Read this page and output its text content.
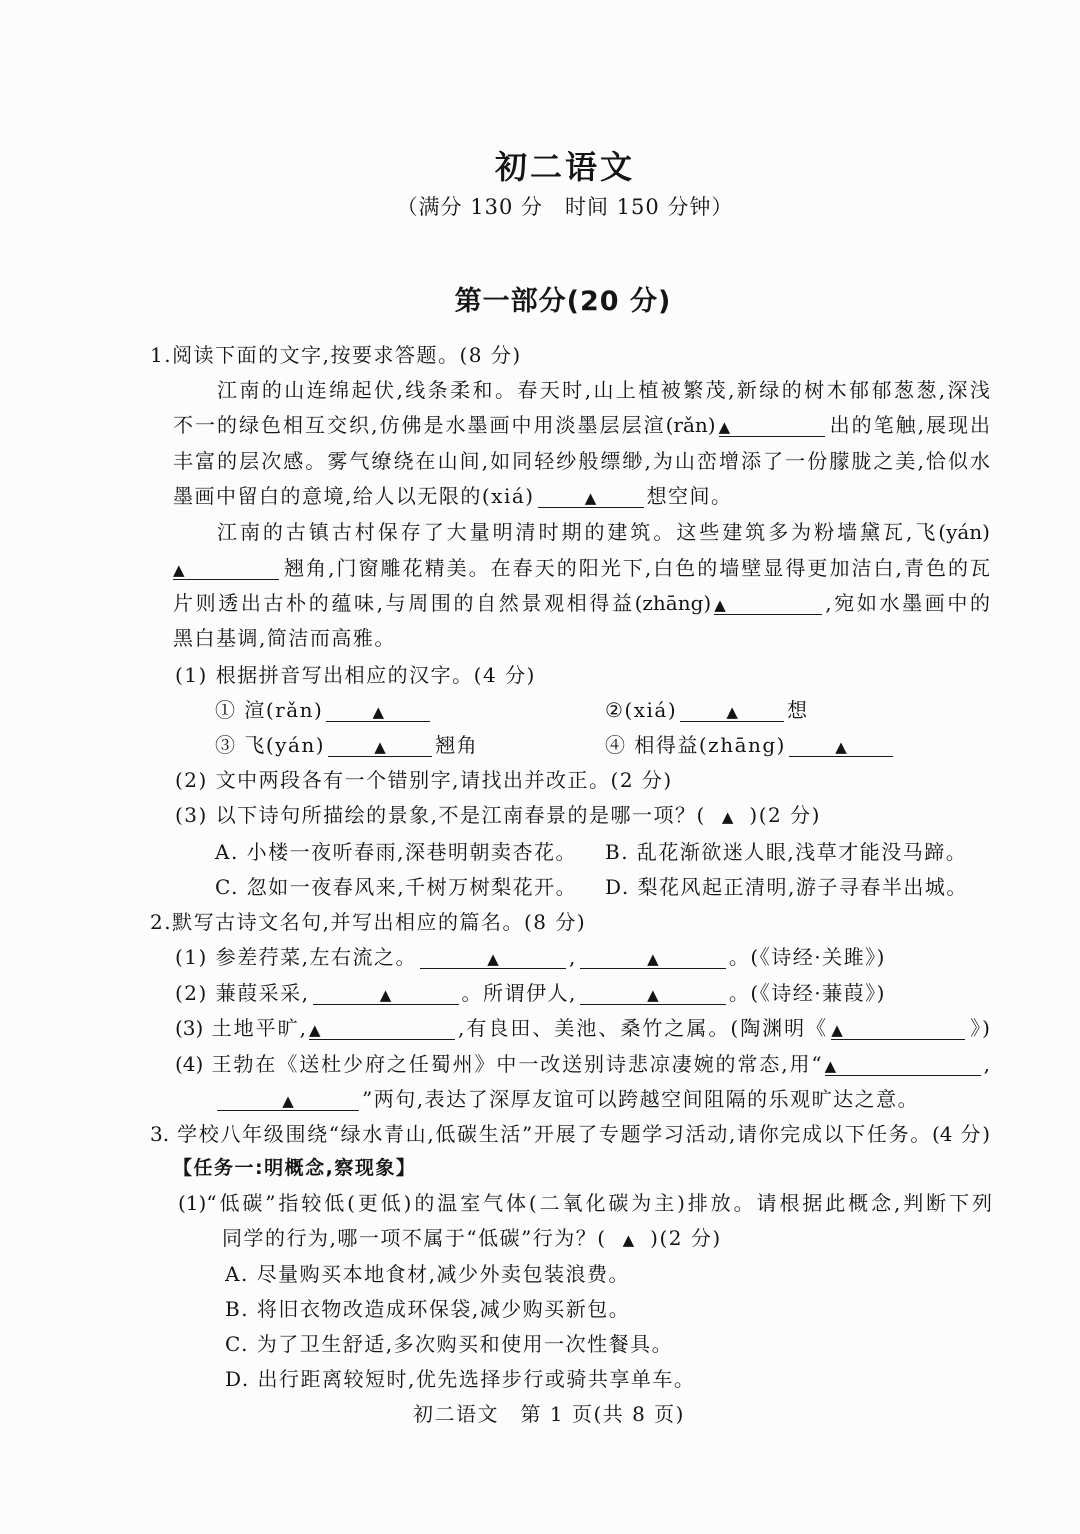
初二语文
（满分 130 分　时间 150 分钟）
第一部分(20 分)
1.阅读下面的文字,按要求答题。(8 分)
江南的山连绵起伏,线条柔和。春天时,山上植被繁茂,新绿的树木郁郁葱葱,深浅
不一的绿色相互交织,仿佛是水墨画中用淡墨层层渲(rǎn) ▲	出的笔触,展现出
丰富的层次感。雾气缭绕在山间,如同轻纱般缥缈,为山峦增添了一份朦胧之美,恰似水
墨画中留白的意境,给人以无限的(xiá)	▲	想空间。
江南的古镇古村保存了大量明清时期的建筑。这些建筑多为粉墙黛瓦,飞(yán)
▲	翘角,门窗雕花精美。在春天的阳光下,白色的墙壁显得更加洁白,青色的瓦
片则透出古朴的蕴味,与周围的自然景观相得益(zhāng) ▲	,宛如水墨画中的
黑白基调,简洁而高雅。
(1) 根据拼音写出相应的汉字。(4 分)
① 渲(rǎn)	▲	②(xiá)	▲ 想
③ 飞(yán)	▲ 翘角	④ 相得益(zhāng)	▲
(2) 文中两段各有一个错别字,请找出并改正。(2 分)
(3) 以下诗句所描绘的景象,不是江南春景的是哪一项？( ▲ )(2 分)
A. 小楼一夜听春雨,深巷明朝卖杏花。 B. 乱花渐欲迷人眼,浅草才能没马蹄。
C. 忽如一夜春风来,千树万树梨花开。 D. 梨花风起正清明,游子寻春半出城。
2.默写古诗文名句,并写出相应的篇名。(8 分)
(1) 参差荇菜,左右流之。	▲	,	▲	。(《诗经·关雎》)
(2) 蒹葭采采,	▲	。所谓伊人,	▲	。(《诗经·蒹葭》)
(3) 土地平旷, ▲	,有良田、美池、桑竹之属。(陶渊明《 ▲	》)
(4) 王勃在《送杜少府之任蜀州》中一改送别诗悲凉凄婉的常态,用“ ▲	,
▲	”两句,表达了深厚友谊可以跨越空间阻隔的乐观旷达之意。
3. 学校八年级围绕“绿水青山,低碳生活”开展了专题学习活动,请你完成以下任务。(4 分)
【任务一:明概念,察现象】
(1)“低碳”指较低(更低)的温室气体(二氧化碳为主)排放。请根据此概念,判断下列
同学的行为,哪一项不属于“低碳”行为？( ▲ )(2 分)
A. 尽量购买本地食材,减少外卖包装浪费。
B. 将旧衣物改造成环保袋,减少购买新包。
C. 为了卫生舒适,多次购买和使用一次性餐具。
D. 出行距离较短时,优先选择步行或骑共享单车。
初二语文　第 1 页(共 8 页)
